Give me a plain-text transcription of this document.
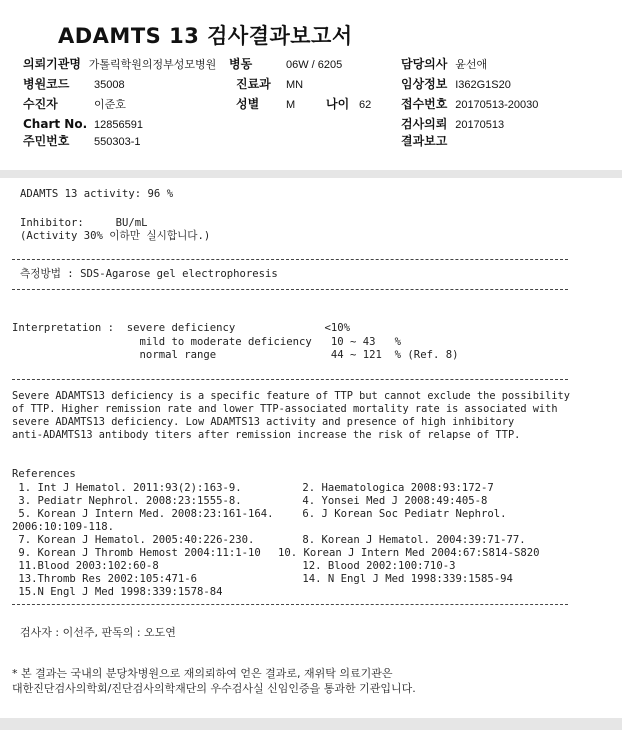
ADAMTS 13 검사결과보고서
의뢰기관명 가톨릭학원의정부성모병원 병동	06W / 6205	담당의사 윤선애
병원코드 35008	진료과 MN	임상정보 I362G1S20
수진자	이준호	성별 M	나이 62 접수번호 20170513-20030
Chart No. 12856591	검사의뢰 20170513
주민번호 550303-1	결과보고
ADAMTS 13 activity: 96 %
Inhibitor:     BU/mL
(Activity 30% 이하만 실시합니다.)
측정방법 : SDS-Agarose gel electrophoresis
Interpretation :  severe deficiency              <10%
mild to moderate deficiency   10 ~ 43   %
normal range                  44 ~ 121  % (Ref. 8)
Severe ADAMTS13 deficiency is a specific feature of TTP but cannot exclude the possibility
of TTP. Higher remission rate and lower TTP-associated mortality rate is associated with
severe ADAMTS13 deficiency. Low ADAMTS13 activity and presence of high inhibitory
anti-ADAMTS13 antibody titers after remission increase the risk of relapse of TTP.
References
1. Int J Hematol. 2011:93(2):163-9.	2. Haematologica 2008:93:172-7
3. Pediatr Nephrol. 2008:23:1555-8.	4. Yonsei Med J 2008:49:405-8
5. Korean J Intern Med. 2008:23:161-164. 6. J Korean Soc Pediatr Nephrol.
2006:10:109-118.
7. Korean J Hematol. 2005:40:226-230.	8. Korean J Hematol. 2004:39:71-77.
9. Korean J Thromb Hemost 2004:11:1-10 10. Korean J Intern Med 2004:67:S814-S820
11.Blood 2003:102:60-8	12. Blood 2002:100:710-3
13.Thromb Res 2002:105:471-6	14. N Engl J Med 1998:339:1585-94
15.N Engl J Med 1998:339:1578-84
검사자 : 이선주, 판독의 : 오도연
* 본 결과는 국내의 분당차병원으로 재의뢰하여 얻은 결과로, 재위탁 의료기관은
대한진단검사의학회/진단검사의학재단의 우수검사실 신임인증을 통과한 기관입니다.
